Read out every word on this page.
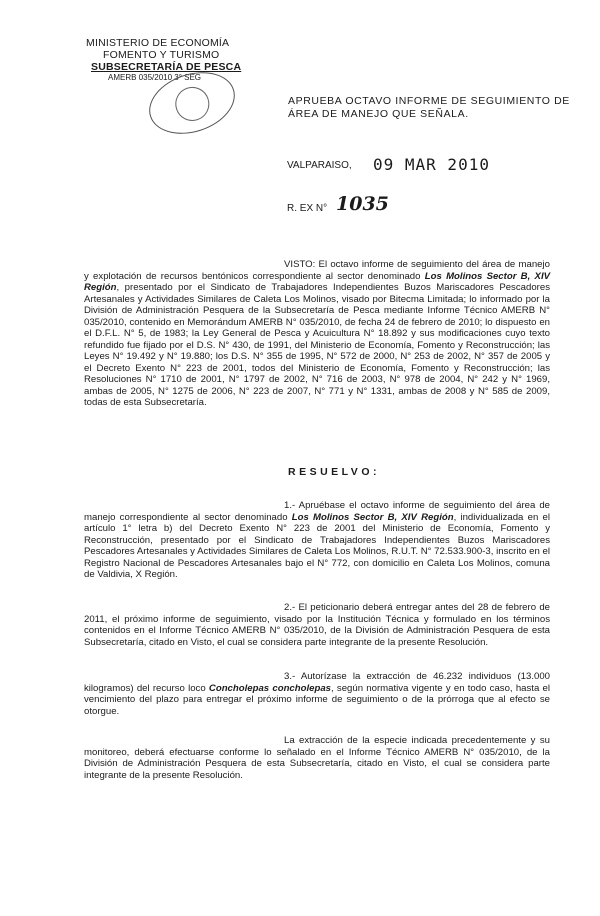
MINISTERIO DE ECONOMÍA
FOMENTO Y TURISMO
SUBSECRETARÍA DE PESCA
AMERB 035/2010 3° SEG
APRUEBA OCTAVO INFORME DE SEGUIMIENTO DE ÁREA DE MANEJO QUE SEÑALA.
VALPARAISO, 09 MAR 2010
R. EX N° 1035
VISTO: El octavo informe de seguimiento del área de manejo y explotación de recursos bentónicos correspondiente al sector denominado Los Molinos Sector B, XIV Región, presentado por el Sindicato de Trabajadores Independientes Buzos Mariscadores Pescadores Artesanales y Actividades Similares de Caleta Los Molinos, visado por Bitecma Limitada; lo informado por la División de Administración Pesquera de la Subsecretaría de Pesca mediante Informe Técnico AMERB N° 035/2010, contenido en Memorándum AMERB N° 035/2010, de fecha 24 de febrero de 2010; lo dispuesto en el D.F.L. N° 5, de 1983; la Ley General de Pesca y Acuicultura N° 18.892 y sus modificaciones cuyo texto refundido fue fijado por el D.S. N° 430, de 1991, del Ministerio de Economía, Fomento y Reconstrucción; las Leyes N° 19.492 y N° 19.880; los D.S. N° 355 de 1995, N° 572 de 2000, N° 253 de 2002, N° 357 de 2005 y el Decreto Exento N° 223 de 2001, todos del Ministerio de Economía, Fomento y Reconstrucción; las Resoluciones N° 1710 de 2001, N° 1797 de 2002, N° 716 de 2003, N° 978 de 2004, N° 242 y N° 1969, ambas de 2005, N° 1275 de 2006, N° 223 de 2007, N° 771 y N° 1331, ambas de 2008 y N° 585 de 2009, todas de esta Subsecretaría.
RESUELVO:
1.- Apruébase el octavo informe de seguimiento del área de manejo correspondiente al sector denominado Los Molinos Sector B, XIV Región, individualizada en el artículo 1° letra b) del Decreto Exento N° 223 de 2001 del Ministerio de Economía, Fomento y Reconstrucción, presentado por el Sindicato de Trabajadores Independientes Buzos Mariscadores Pescadores Artesanales y Actividades Similares de Caleta Los Molinos, R.U.T. N° 72.533.900-3, inscrito en el Registro Nacional de Pescadores Artesanales bajo el N° 772, con domicilio en Caleta Los Molinos, comuna de Valdivia, X Región.
2.- El peticionario deberá entregar antes del 28 de febrero de 2011, el próximo informe de seguimiento, visado por la Institución Técnica y formulado en los términos contenidos en el Informe Técnico AMERB N° 035/2010, de la División de Administración Pesquera de esta Subsecretaría, citado en Visto, el cual se considera parte integrante de la presente Resolución.
3.- Autorízase la extracción de 46.232 individuos (13.000 kilogramos) del recurso loco Concholepas concholepas, según normativa vigente y en todo caso, hasta el vencimiento del plazo para entregar el próximo informe de seguimiento o de la prórroga que al efecto se otorgue.
La extracción de la especie indicada precedentemente y su monitoreo, deberá efectuarse conforme lo señalado en el Informe Técnico AMERB N° 035/2010, de la División de Administración Pesquera de esta Subsecretaría, citado en Visto, el cual se considera parte integrante de la presente Resolución.
